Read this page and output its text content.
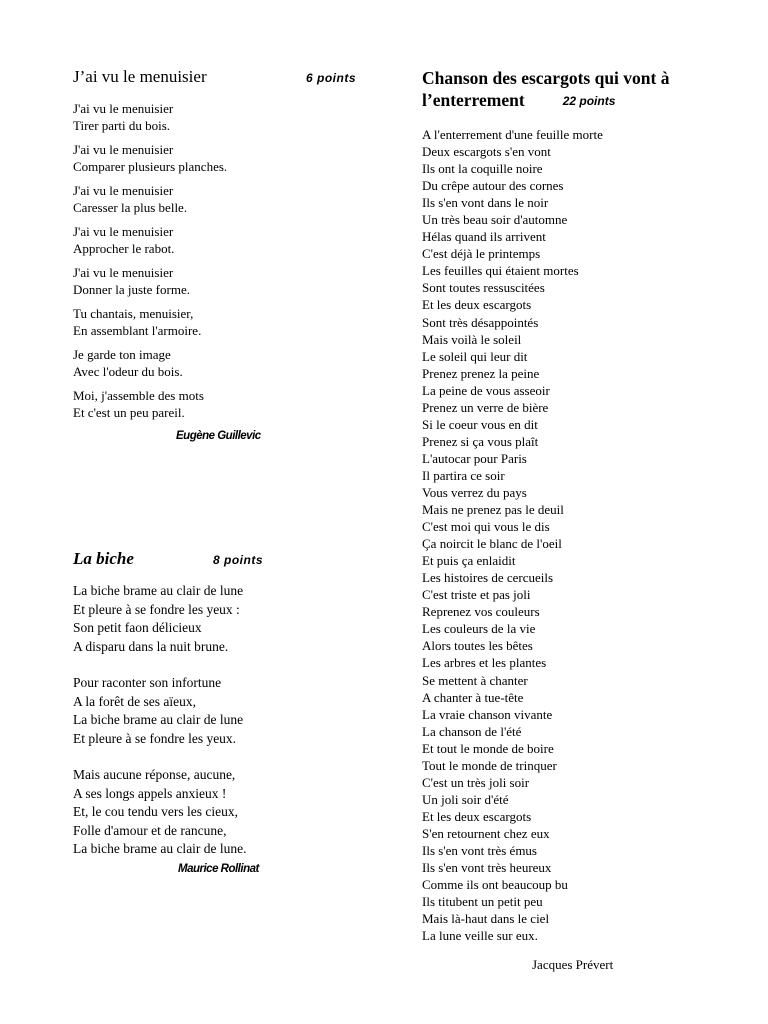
J’ai vu le menuisier	6 points
J'ai vu le menuisier
Tirer parti du bois.
J'ai vu le menuisier
Comparer plusieurs planches.
J'ai vu le menuisier
Caresser la plus belle.
J'ai vu le menuisier
Approcher le rabot.
J'ai vu le menuisier
Donner la juste forme.
Tu chantais, menuisier,
En assemblant l'armoire.
Je garde ton image
Avec l'odeur du bois.
Moi, j'assemble des mots
Et c'est un peu pareil.
Eugène Guillevic
La biche	8 points
La biche brame au clair de lune
Et pleure à se fondre les yeux :
Son petit faon délicieux
A disparu dans la nuit brune.
Pour raconter son infortune
A la forêt de ses aïeux,
La biche brame au clair de lune
Et pleure à se fondre les yeux.
Mais aucune réponse, aucune,
A ses longs appels anxieux !
Et, le cou tendu vers les cieux,
Folle d'amour et de rancune,
La biche brame au clair de lune.
Maurice Rollinat
Chanson des escargots qui vont à
l’enterrement	22 points
A l'enterrement d'une feuille morte
Deux escargots s'en vont
Ils ont la coquille noire
Du crêpe autour des cornes
Ils s'en vont dans le noir
Un très beau soir d'automne
Hélas quand ils arrivent
C'est déjà le printemps
Les feuilles qui étaient mortes
Sont toutes ressuscitées
Et les deux escargots
Sont très désappointés
Mais voilà le soleil
Le soleil qui leur dit
Prenez prenez la peine
La peine de vous asseoir
Prenez un verre de bière
Si le coeur vous en dit
Prenez si ça vous plaît
L'autocar pour Paris
Il partira ce soir
Vous verrez du pays
Mais ne prenez pas le deuil
C'est moi qui vous le dis
Ça noircit le blanc de l'oeil
Et puis ça enlaidit
Les histoires de cercueils
C'est triste et pas joli
Reprenez vos couleurs
Les couleurs de la vie
Alors toutes les bêtes
Les arbres et les plantes
Se mettent à chanter
A chanter à tue-tête
La vraie chanson vivante
La chanson de l'été
Et tout le monde de boire
Tout le monde de trinquer
C'est un très joli soir
Un joli soir d'été
Et les deux escargots
S'en retournent chez eux
Ils s'en vont très émus
Ils s'en vont très heureux
Comme ils ont beaucoup bu
Ils titubent un petit peu
Mais là-haut dans le ciel
La lune veille sur eux.
Jacques Prévert
